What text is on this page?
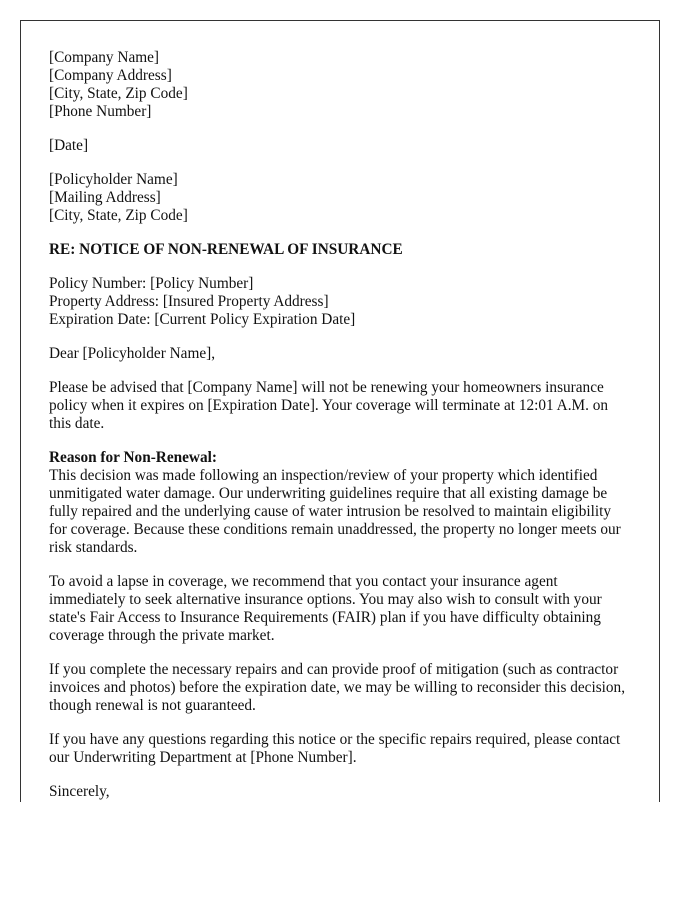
[Company Name]
[Company Address]
[City, State, Zip Code]
[Phone Number]

[Date]

[Policyholder Name]
[Mailing Address]
[City, State, Zip Code]

RE: NOTICE OF NON-RENEWAL OF INSURANCE

Policy Number: [Policy Number]
Property Address: [Insured Property Address]
Expiration Date: [Current Policy Expiration Date]

Dear [Policyholder Name],

Please be advised that [Company Name] will not be renewing your homeowners insurance policy when it expires on [Expiration Date]. Your coverage will terminate at 12:01 A.M. on this date.

Reason for Non-Renewal:
This decision was made following an inspection/review of your property which identified unmitigated water damage. Our underwriting guidelines require that all existing damage be fully repaired and the underlying cause of water intrusion be resolved to maintain eligibility for coverage. Because these conditions remain unaddressed, the property no longer meets our risk standards.

To avoid a lapse in coverage, we recommend that you contact your insurance agent immediately to seek alternative insurance options. You may also wish to consult with your state's Fair Access to Insurance Requirements (FAIR) plan if you have difficulty obtaining coverage through the private market.

If you complete the necessary repairs and can provide proof of mitigation (such as contractor invoices and photos) before the expiration date, we may be willing to reconsider this decision, though renewal is not guaranteed.

If you have any questions regarding this notice or the specific repairs required, please contact our Underwriting Department at [Phone Number].

Sincerely,
